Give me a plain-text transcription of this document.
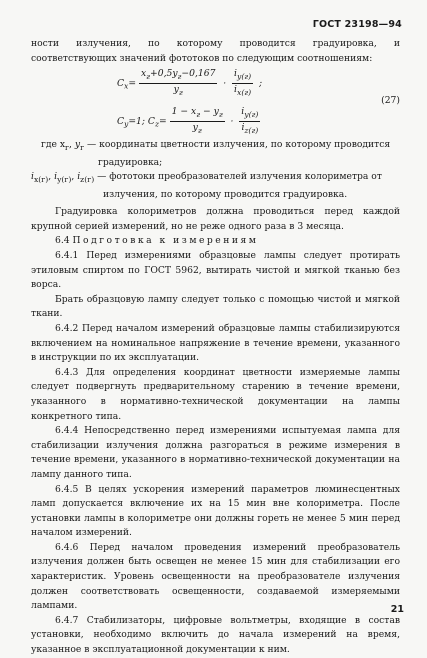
ГОСТ 23198—94

ности излучения, по которому проводится градуировка, и соответствующих значений фототоков по следующим соотношениям:

$C_x= \frac{x_г+0,5y_г-0,167}{y_г} \cdot \frac{i_{y(г)}}{i_{x(г)}}$ ;
$C_y=1$; $C_z= \frac{1 - x_г - y_г}{y_г} \cdot \frac{i_{y(г)}}{i_{z(г)}}$
(27)

где $x_г$, $y_г$ — координаты цветности излучения, по которому проводится градуировка;

$i_{x(г)}$, $i_{y(г)}$, $i_{z(г)}$ — фототоки преобразователей излучения колориметра от излучения, по которому проводится градуировка.

Градуировка колориметров должна проводиться перед каждой крупной серией измерений, но не реже одного раза в 3 месяца.

6.4 Подготовка к измерениям

6.4.1 Перед измерениями образцовые лампы следует протирать этиловым спиртом по ГОСТ 5962, вытирать чистой и мягкой тканью без ворса.

Брать образцовую лампу следует только с помощью чистой и мягкой ткани.

6.4.2 Перед началом измерений образцовые лампы стабилизируются включением на номинальное напряжение в течение времени, указанного в инструкции по их эксплуатации.

6.4.3 Для определения координат цветности измеряемые лампы следует подвергнуть предварительному старению в течение времени, указанного в нормативно-технической документации на лампы конкретного типа.

6.4.4 Непосредственно перед измерениями испытуемая лампа для стабилизации излучения должна разгораться в режиме измерения в течение времени, указанного в нормативно-технической документации на лампу данного типа.

6.4.5 В целях ускорения измерений параметров люминесцентных ламп допускается включение их на 15 мин вне колориметра. После установки лампы в колориметре они должны гореть не менее 5 мин перед началом измерений.

6.4.6 Перед началом проведения измерений преобразователь излучения должен быть освещен не менее 15 мин для стабилизации его характеристик. Уровень освещенности на преобразователе излучения должен соответствовать освещенности, создаваемой измеряемыми лампами.

6.4.7 Стабилизаторы, цифровые вольтметры, входящие в состав установки, необходимо включить до начала измерений на время, указанное в эксплуатационной документации к ним.

21
